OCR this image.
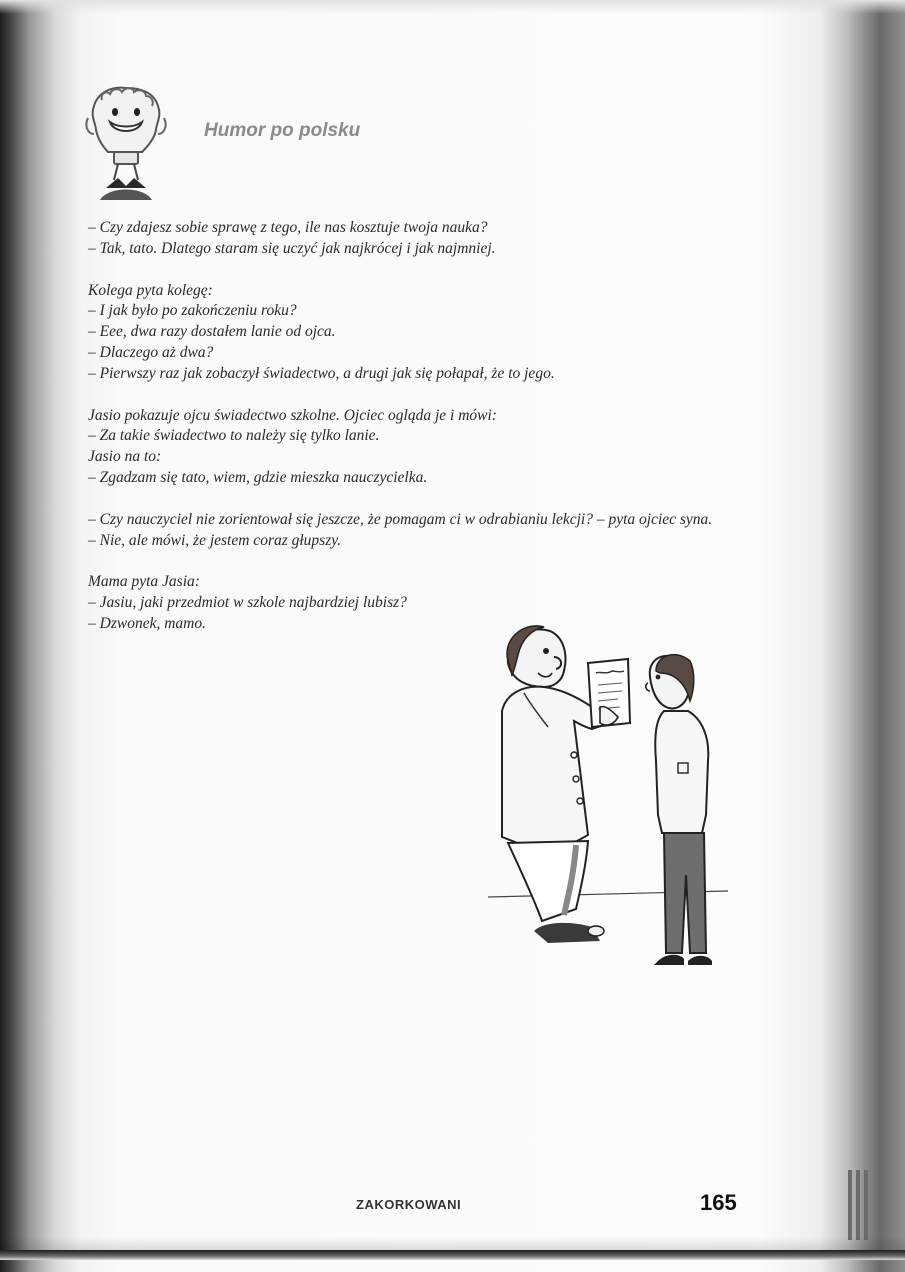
Humor po polsku
– Czy zdajesz sobie sprawę z tego, ile nas kosztuje twoja nauka?
– Tak, tato. Dlatego staram się uczyć jak najkrócej i jak najmniej.
Kolega pyta kolegę:
– I jak było po zakończeniu roku?
– Eee, dwa razy dostałem lanie od ojca.
– Dlaczego aż dwa?
– Pierwszy raz jak zobaczył świadectwo, a drugi jak się połapał, że to jego.
Jasio pokazuje ojcu świadectwo szkolne. Ojciec ogląda je i mówi:
– Za takie świadectwo to należy się tylko lanie.
Jasio na to:
– Zgadzam się tato, wiem, gdzie mieszka nauczycielka.
– Czy nauczyciel nie zorientował się jeszcze, że pomagam ci w odrabianiu lekcji? – pyta ojciec syna.
– Nie, ale mówi, że jestem coraz głupszy.
Mama pyta Jasia:
– Jasiu, jaki przedmiot w szkole najbardziej lubisz?
– Dzwonek, mamo.
ZAKORKOWANI	165
